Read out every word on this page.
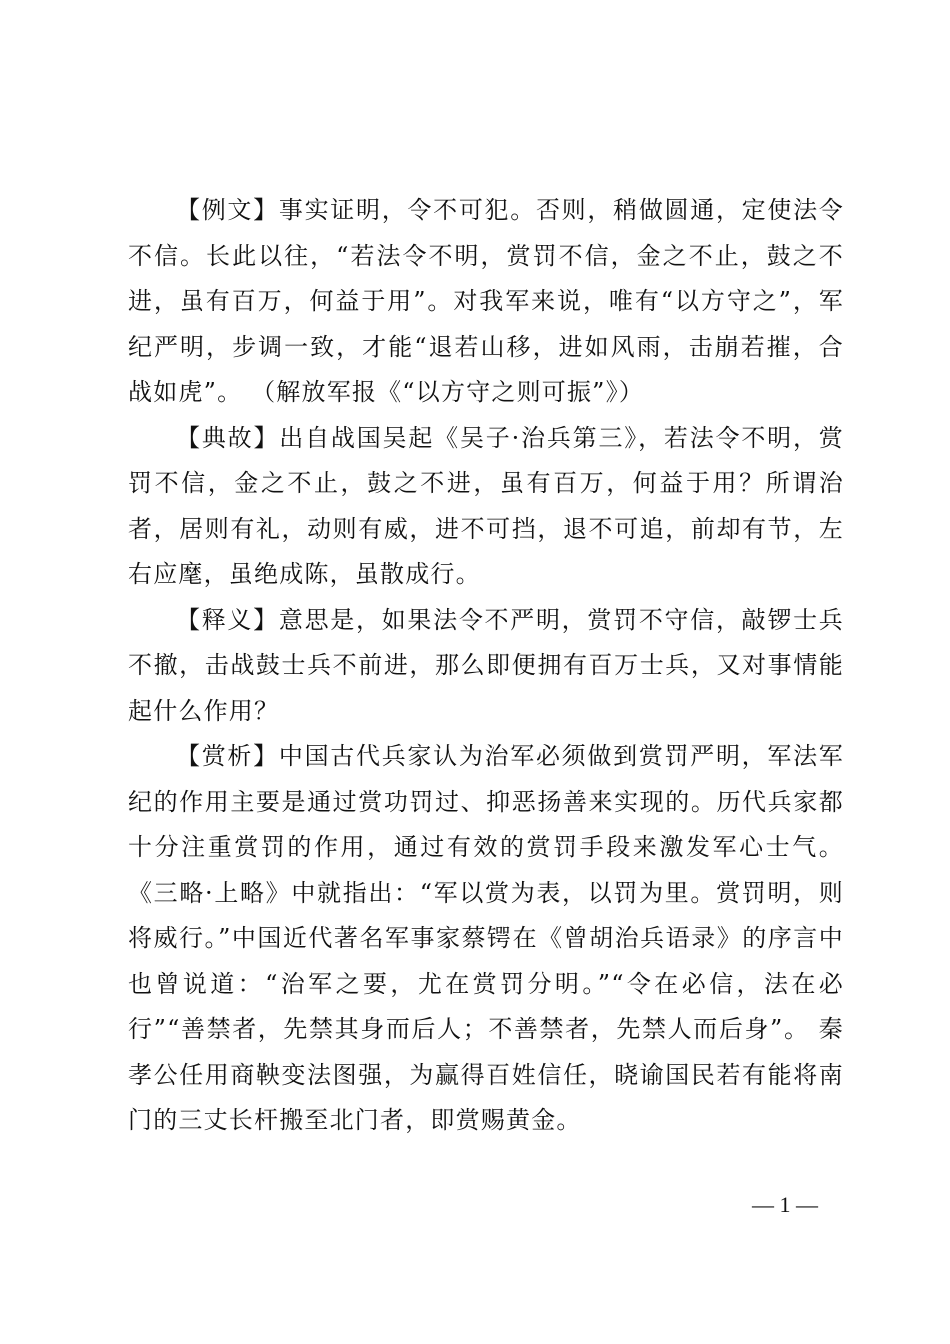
【例文】事实证明，令不可犯。否则，稍做圆通，定使法令不信。长此以往，“若法令不明，赏罚不信，金之不止，鼓之不进，虽有百万，何益于用”。对我军来说，唯有“以方守之”，军纪严明，步调一致，才能“退若山移，进如风雨，击崩若摧，合战如虎”。 （解放军报《“以方守之则可振”》）

【典故】出自战国吴起《吴子·治兵第三》，若法令不明，赏罚不信，金之不止，鼓之不进，虽有百万，何益于用？所谓治者，居则有礼，动则有威，进不可挡，退不可追，前却有节，左右应麾，虽绝成陈，虽散成行。

【释义】意思是，如果法令不严明，赏罚不守信，敲锣士兵不撤，击战鼓士兵不前进，那么即便拥有百万士兵，又对事情能起什么作用？

【赏析】中国古代兵家认为治军必须做到赏罚严明，军法军纪的作用主要是通过赏功罚过、抑恶扬善来实现的。历代兵家都十分注重赏罚的作用，通过有效的赏罚手段来激发军心士气。《三略·上略》中就指出：“军以赏为表，以罚为里。赏罚明，则将威行。”中国近代著名军事家蔡锷在《曾胡治兵语录》的序言中也曾说道：“治军之要，尤在赏罚分明。”“令在必信，法在必行”“善禁者，先禁其身而后人；不善禁者，先禁人而后身”。 秦孝公任用商鞅变法图强，为赢得百姓信任，晓谕国民若有能将南门的三丈长杆搬至北门者，即赏赐黄金。

— 1 —
